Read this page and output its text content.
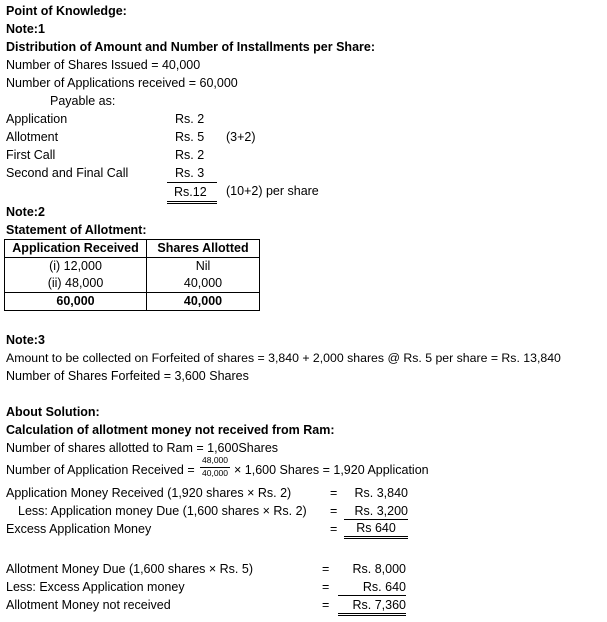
Point of Knowledge:
Note:1
Distribution of Amount and Number of Installments per Share:
Number of Shares Issued = 40,000
Number of Applications received = 60,000
Payable as:
Application	Rs. 2
Allotment	Rs. 5 (3+2)
First Call	Rs. 2
Second and Final Call	Rs. 3
Rs.12	(10+2) per share
Note:2
Statement of Allotment:
Application Received	Shares Allotted
(i) 12,000	Nil
(ii) 48,000	40,000
60,000	40,000
Note:3
Amount to be collected on Forfeited of shares = 3,840 + 2,000 shares @ Rs. 5 per share = Rs. 13,840
Number of Shares Forfeited = 3,600 Shares
About Solution:
Calculation of allotment money not received from Ram:
Number of shares allotted to Ram = 1,600Shares
Number of Application Received =
48,000
40,000 × 1,600 Shares = 1,920 Application
Application Money Received (1,920 shares × Rs. 2)	=	Rs. 3,840
Less: Application money Due (1,600 shares × Rs. 2) =	Rs. 3,200
Excess Application Money	=	Rs 640
Allotment Money Due (1,600 shares × Rs. 5)	=	Rs. 8,000
Less: Excess Application money	=	Rs. 640
Allotment Money not received	=	Rs. 7,360
